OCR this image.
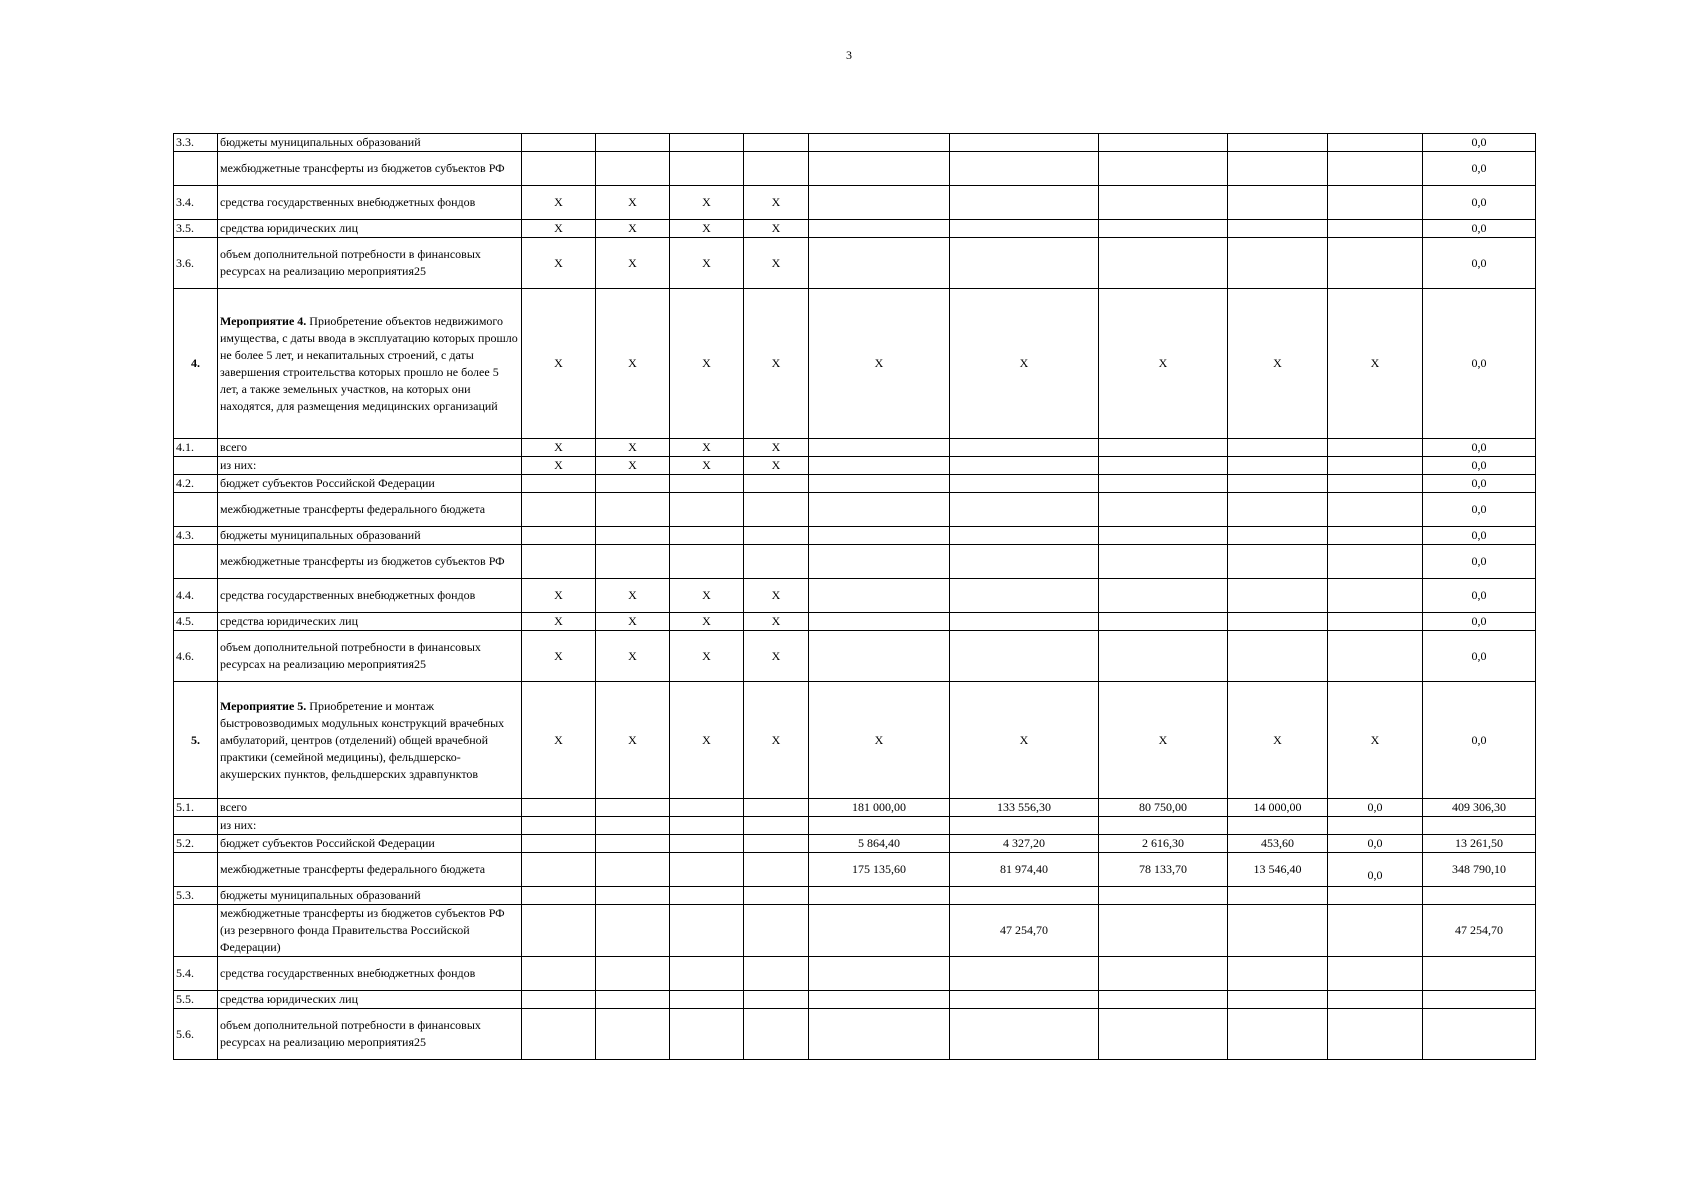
3
3.3.	бюджеты муниципальных образований										0,0
	межбюджетные трансферты из бюджетов субъектов РФ										0,0
3.4.	средства государственных внебюджетных фондов	X	X	X	X						0,0
3.5.	средства юридических лиц	X	X	X	X						0,0
3.6.	объем дополнительной потребности в финансовых ресурсах на реализацию мероприятия25	X	X	X	X						0,0
4.	Мероприятие 4. Приобретение объектов недвижимого имущества, с даты ввода в эксплуатацию которых прошло не более 5 лет, и некапитальных строений, с даты завершения строительства которых прошло не более 5 лет, а также земельных участков, на которых они находятся, для размещения медицинских организаций	X	X	X	X	X	X	X	X	X	0,0
4.1.	всего	X	X	X	X						0,0
	из них:	X	X	X	X						0,0
4.2.	бюджет субъектов Российской Федерации										0,0
	межбюджетные трансферты федерального бюджета										0,0
4.3.	бюджеты муниципальных образований										0,0
	межбюджетные трансферты из бюджетов субъектов РФ										0,0
4.4.	средства государственных внебюджетных фондов	X	X	X	X						0,0
4.5.	средства юридических лиц	X	X	X	X						0,0
4.6.	объем дополнительной потребности в финансовых ресурсах на реализацию мероприятия25	X	X	X	X						0,0
5.	Мероприятие 5. Приобретение и монтаж быстровозводимых модульных конструкций врачебных амбулаторий, центров (отделений) общей врачебной практики (семейной медицины), фельдшерско-акушерских пунктов, фельдшерских здравпунктов	X	X	X	X	X	X	X	X	X	0,0
5.1.	всего					181 000,00	133 556,30	80 750,00	14 000,00	0,0	409 306,30
	из них:										
5.2.	бюджет субъектов Российской Федерации					5 864,40	4 327,20	2 616,30	453,60	0,0	13 261,50
	межбюджетные трансферты федерального бюджета					175 135,60	81 974,40	78 133,70	13 546,40	0,0	348 790,10
5.3.	бюджеты муниципальных образований										
	межбюджетные трансферты из бюджетов субъектов РФ (из резервного фонда Правительства Российской Федерации)						47 254,70				47 254,70
5.4.	средства государственных внебюджетных фондов										
5.5.	средства юридических лиц										
5.6.	объем дополнительной потребности в финансовых ресурсах на реализацию мероприятия25										
